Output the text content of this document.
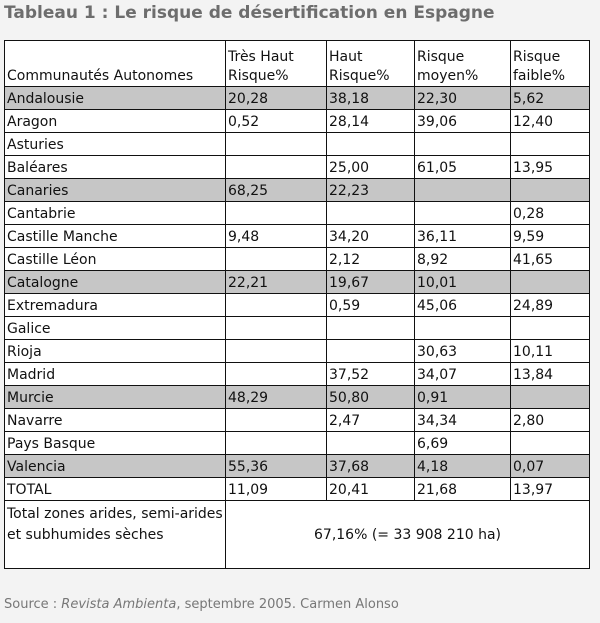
Tableau 1 : Le risque de désertification en Espagne
Communautés Autonomes	Très Haut Risque%	Haut Risque%	Risque moyen%	Risque faible%
Andalousie	20,28	38,18	22,30	5,62
Aragon	0,52	28,14	39,06	12,40
Asturies				
Baléares		25,00	61,05	13,95
Canaries	68,25	22,23		
Cantabrie				0,28
Castille Manche	9,48	34,20	36,11	9,59
Castille Léon		2,12	8,92	41,65
Catalogne	22,21	19,67	10,01	
Extremadura		0,59	45,06	24,89
Galice				
Rioja			30,63	10,11
Madrid		37,52	34,07	13,84
Murcie	48,29	50,80	0,91	
Navarre		2,47	34,34	2,80
Pays Basque			6,69	
Valencia	55,36	37,68	4,18	0,07
TOTAL	11,09	20,41	21,68	13,97
Total zones arides, semi-arides et subhumides sèches	67,16% (= 33 908 210 ha)			
Source : Revista Ambienta, septembre 2005. Carmen Alonso
